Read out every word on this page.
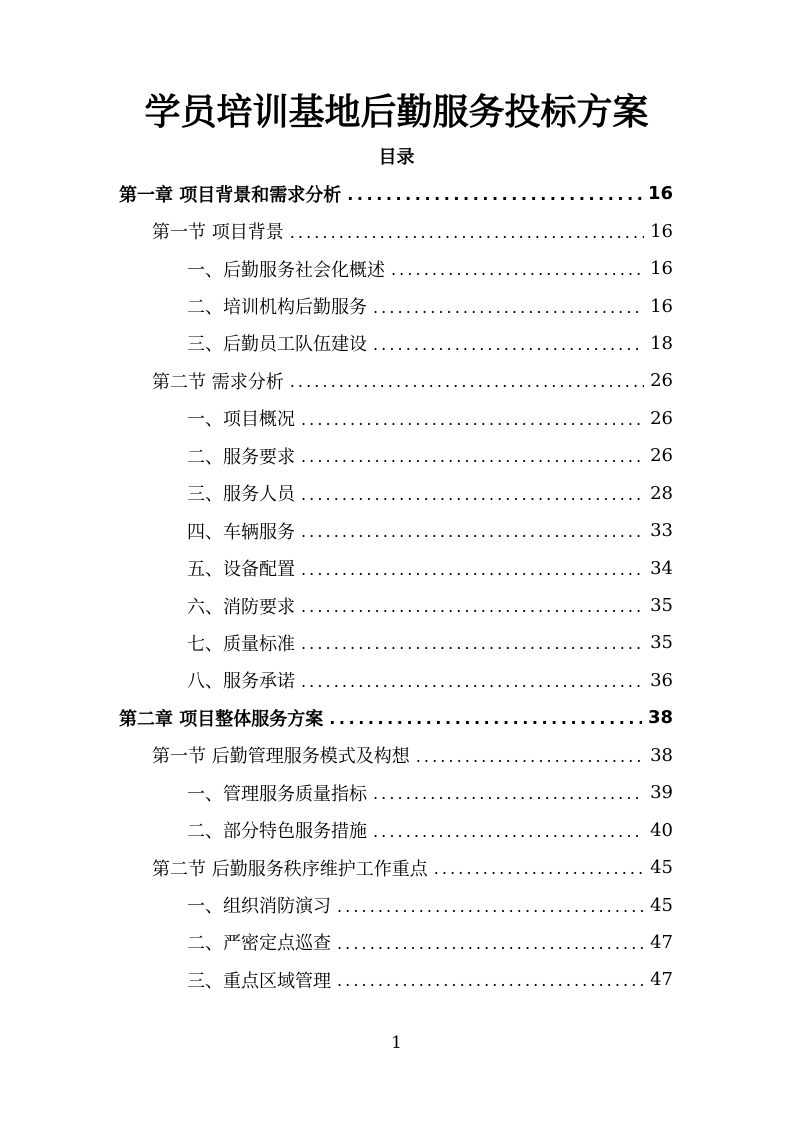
学员培训基地后勤服务投标方案
目录
第一章 项目背景和需求分析 . . .	16
第一节 项目背景 . . .	16
一、后勤服务社会化概述 . . .	16
二、培训机构后勤服务 . . .	16
三、后勤员工队伍建设 . . .	18
第二节 需求分析 . . .	26
一、项目概况 . . .	26
二、服务要求 . . .	26
三、服务人员 . . .	28
四、车辆服务 . . .	33
五、设备配置 . . .	34
六、消防要求 . . .	35
七、质量标准 . . .	35
八、服务承诺 . . .	36
第二章 项目整体服务方案 . . .	38
第一节 后勤管理服务模式及构想 . . .	38
一、管理服务质量指标 . . .	39
二、部分特色服务措施 . . .	40
第二节 后勤服务秩序维护工作重点 . . .	45
一、组织消防演习 . . .	45
二、严密定点巡查 . . .	47
三、重点区域管理 . . .	47
1
